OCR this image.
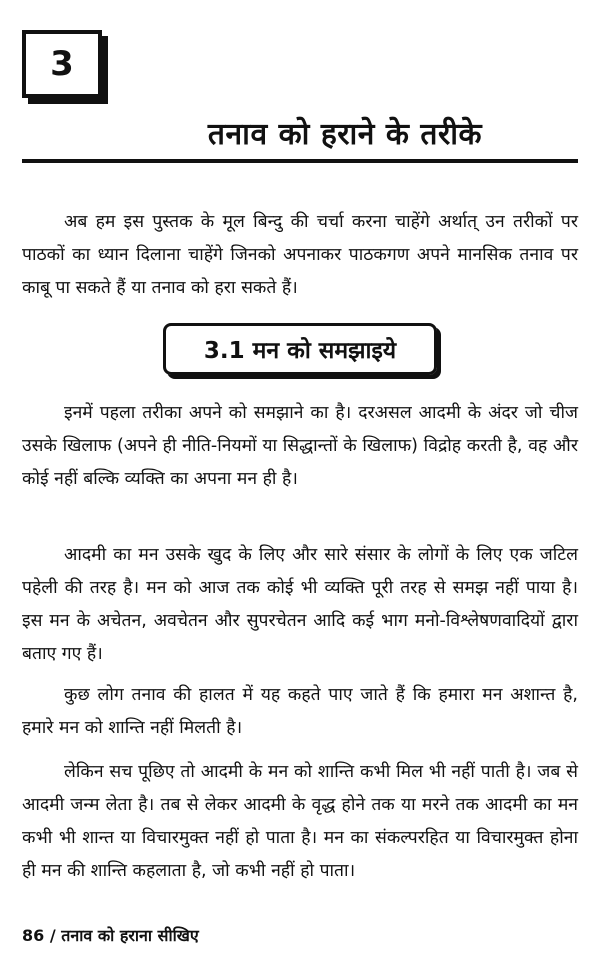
3
तनाव को हराने के तरीके

अब हम इस पुस्तक के मूल बिन्दु की चर्चा करना चाहेंगे अर्थात् उन तरीकों पर पाठकों का ध्यान दिलाना चाहेंगे जिनको अपनाकर पाठकगण अपने मानसिक तनाव पर काबू पा सकते हैं या तनाव को हरा सकते हैं।

3.1 मन को समझाइये

इनमें पहला तरीका अपने को समझाने का है। दरअसल आदमी के अंदर जो चीज उसके खिलाफ (अपने ही नीति-नियमों या सिद्धान्तों के खिलाफ) विद्रोह करती है, वह और कोई नहीं बल्कि व्यक्ति का अपना मन ही है।

आदमी का मन उसके खुद के लिए और सारे संसार के लोगों के लिए एक जटिल पहेली की तरह है। मन को आज तक कोई भी व्यक्ति पूरी तरह से समझ नहीं पाया है। इस मन के अचेतन, अवचेतन और सुपरचेतन आदि कई भाग मनो-विश्लेषणवादियों द्वारा बताए गए हैं।

कुछ लोग तनाव की हालत में यह कहते पाए जाते हैं कि हमारा मन अशान्त है, हमारे मन को शान्ति नहीं मिलती है।

लेकिन सच पूछिए तो आदमी के मन को शान्ति कभी मिल भी नहीं पाती है। जब से आदमी जन्म लेता है। तब से लेकर आदमी के वृद्ध होने तक या मरने तक आदमी का मन कभी भी शान्त या विचारमुक्त नहीं हो पाता है। मन का संकल्परहित या विचारमुक्त होना ही मन की शान्ति कहलाता है, जो कभी नहीं हो पाता।

86 / तनाव को हराना सीखिए
